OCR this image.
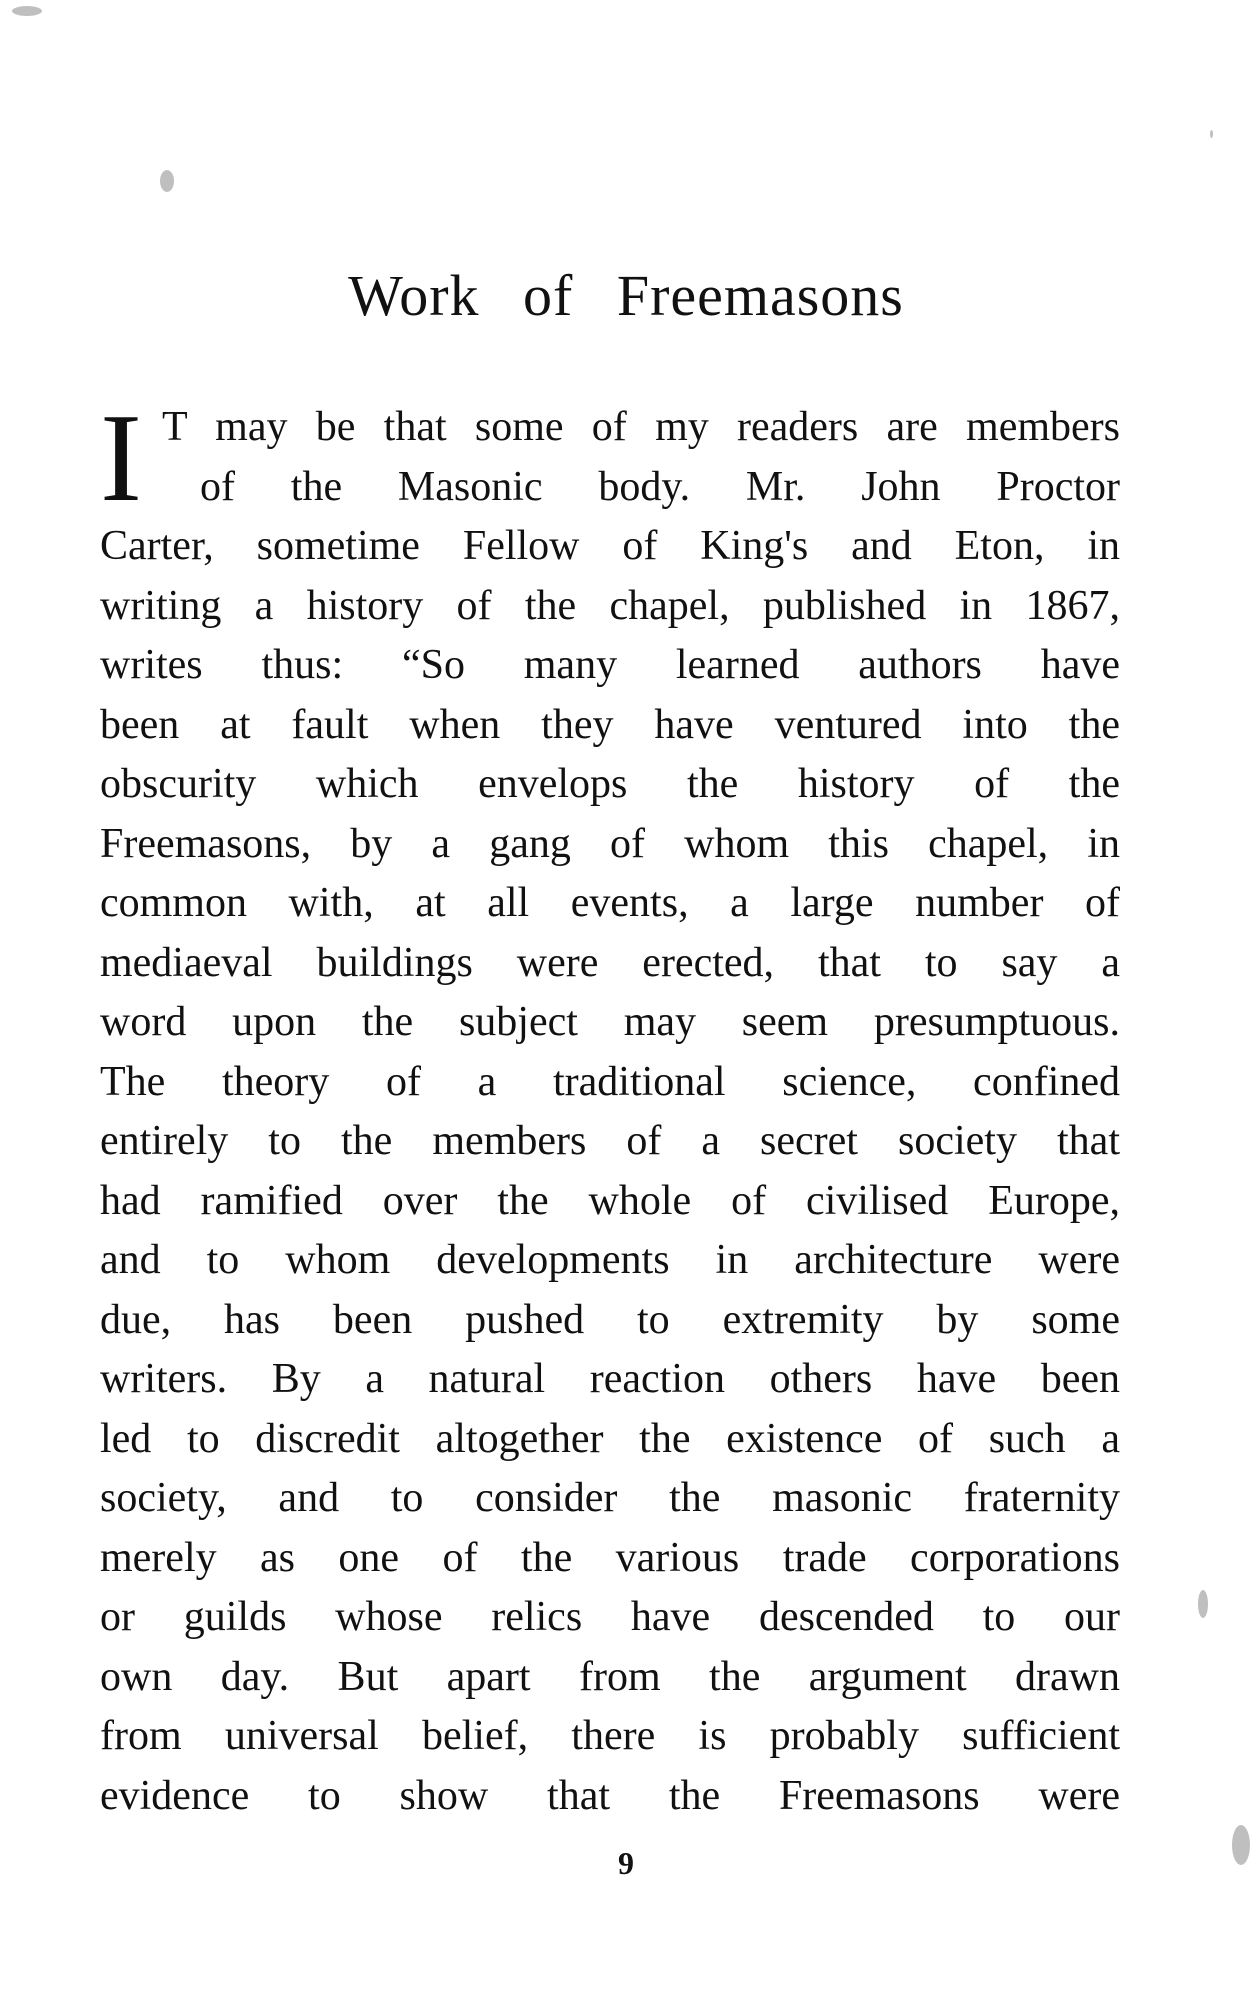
Work of Freemasons
I T may be that some of my readers are members
of the Masonic body. Mr. John Proctor
Carter, sometime Fellow of King's and Eton, in
writing a history of the chapel, published in 1867,
writes thus: “So many learned authors have
been at fault when they have ventured into the
obscurity which envelops the history of the
Freemasons, by a gang of whom this chapel, in
common with, at all events, a large number of
mediaeval buildings were erected, that to say a
word upon the subject may seem presumptuous.
The theory of a traditional science, confined
entirely to the members of a secret society that
had ramified over the whole of civilised Europe,
and to whom developments in architecture were
due, has been pushed to extremity by some
writers. By a natural reaction others have been
led to discredit altogether the existence of such a
society, and to consider the masonic fraternity
merely as one of the various trade corporations
or guilds whose relics have descended to our
own day. But apart from the argument drawn
from universal belief, there is probably sufficient
evidence to show that the Freemasons were
9
